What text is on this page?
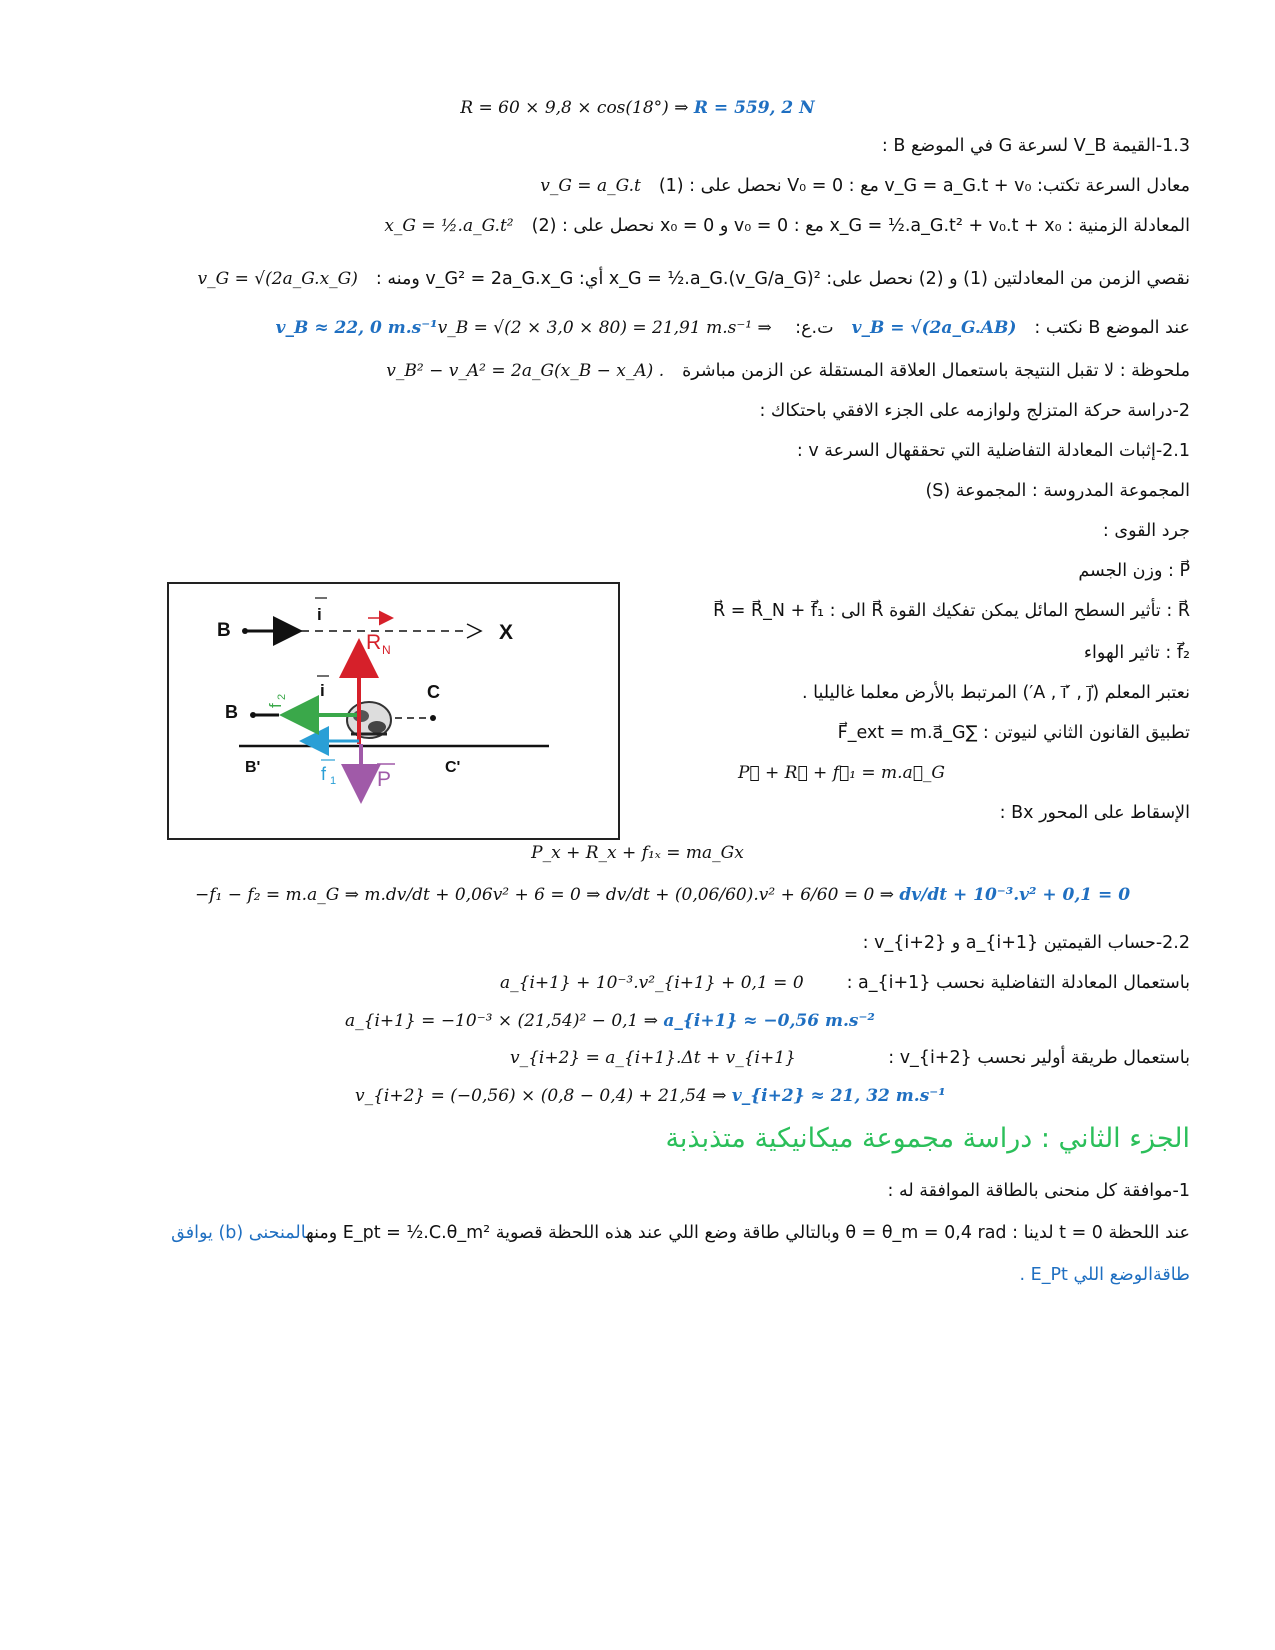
R = 60 × 9,8 × cos(18°) ⇒ R = 559, 2 N
1.3-القيمة V_B لسرعة G في الموضع B :
معادل السرعة تكتب: v_G = a_G.t + v₀ مع : V₀ = 0 نحصل على : (1)v_G = a_G.t
المعادلة الزمنية : x_G = ½.a_G.t² + v₀.t + x₀ مع : v₀ = 0 و x₀ = 0 نحصل على : (2)x_G = ½.a_G.t²
نقصي الزمن من المعادلتين (1) و (2) نحصل على: x_G = ½.a_G.(v_G/a_G)² أي: v_G² = 2a_G.x_G ومنه :v_G = √(2a_G.x_G)
عند الموضع B نكتب :v_B = √(2a_G.AB)ت.ع:v_B = √(2 × 3,0 × 80) = 21,91 m.s⁻¹ ⇒ v_B ≈ 22, 0 m.s⁻¹
ملحوظة : لا تقبل النتيجة باستعمال العلاقة المستقلة عن الزمن مباشرةv_B² − v_A² = 2a_G(x_B − x_A) .
2-دراسة حركة المتزلج ولوازمه على الجزء الافقي باحتكاك :
2.1-إثبات المعادلة التفاضلية التي تحققهال السرعة v :
المجموعة المدروسة : المجموعة (S)
جرد القوى :
P⃗ : وزن الجسم
R⃗ : تأثير السطح المائل يمكن تفكيك القوة R⃗ الى : R⃗ = R⃗_N + f⃗₁
f⃗₂ : تاثير الهواء
نعتبر المعلم (A , i⃗′ , j⃗′) المرتبط بالأرض معلما غاليليا .
تطبيق القانون الثاني لنيوتن : ∑F⃗_ext = m.a⃗_G
P⃗ + R⃗ + f⃗₁ = m.a⃗_G
الإسقاط على المحور Bx :
P_x + R_x + f₁ₓ = ma_Gx
−f₁ − f₂ = m.a_G ⇒ m.dv/dt + 0,06v² + 6 = 0 ⇒ dv/dt + (0,06/60).v² + 6/60 = 0 ⇒ dv/dt + 10⁻³.v² + 0,1 = 0
2.2-حساب القيمتين a_{i+1} و v_{i+2} :
باستعمال المعادلة التفاضلية نحسب a_{i+1} :
a_{i+1} + 10⁻³.v²_{i+1} + 0,1 = 0
a_{i+1} = −10⁻³ × (21,54)² − 0,1 ⇒ a_{i+1} ≈ −0,56 m.s⁻²
باستعمال طريقة أولير نحسب v_{i+2} :
v_{i+2} = a_{i+1}.Δt + v_{i+1}
v_{i+2} = (−0,56) × (0,8 − 0,4) + 21,54 ⇒ v_{i+2} ≈ 21, 32 m.s⁻¹
الجزء الثاني : دراسة مجموعة ميكانيكية متذبذبة
1-موافقة كل منحنى بالطاقة الموافقة له :
عند اللحظة t = 0 لدينا : θ = θ_m = 0,4 rad وبالتالي طاقة وضع اللي عند هذه اللحظة قصوية E_pt = ½.C.θ_m² ومنهالمنحنى (b) يوافق
طاقةالوضع اللي E_Pt .
B	X
i
B
C
i
R N
P
f 1
f
2
B'	C'
